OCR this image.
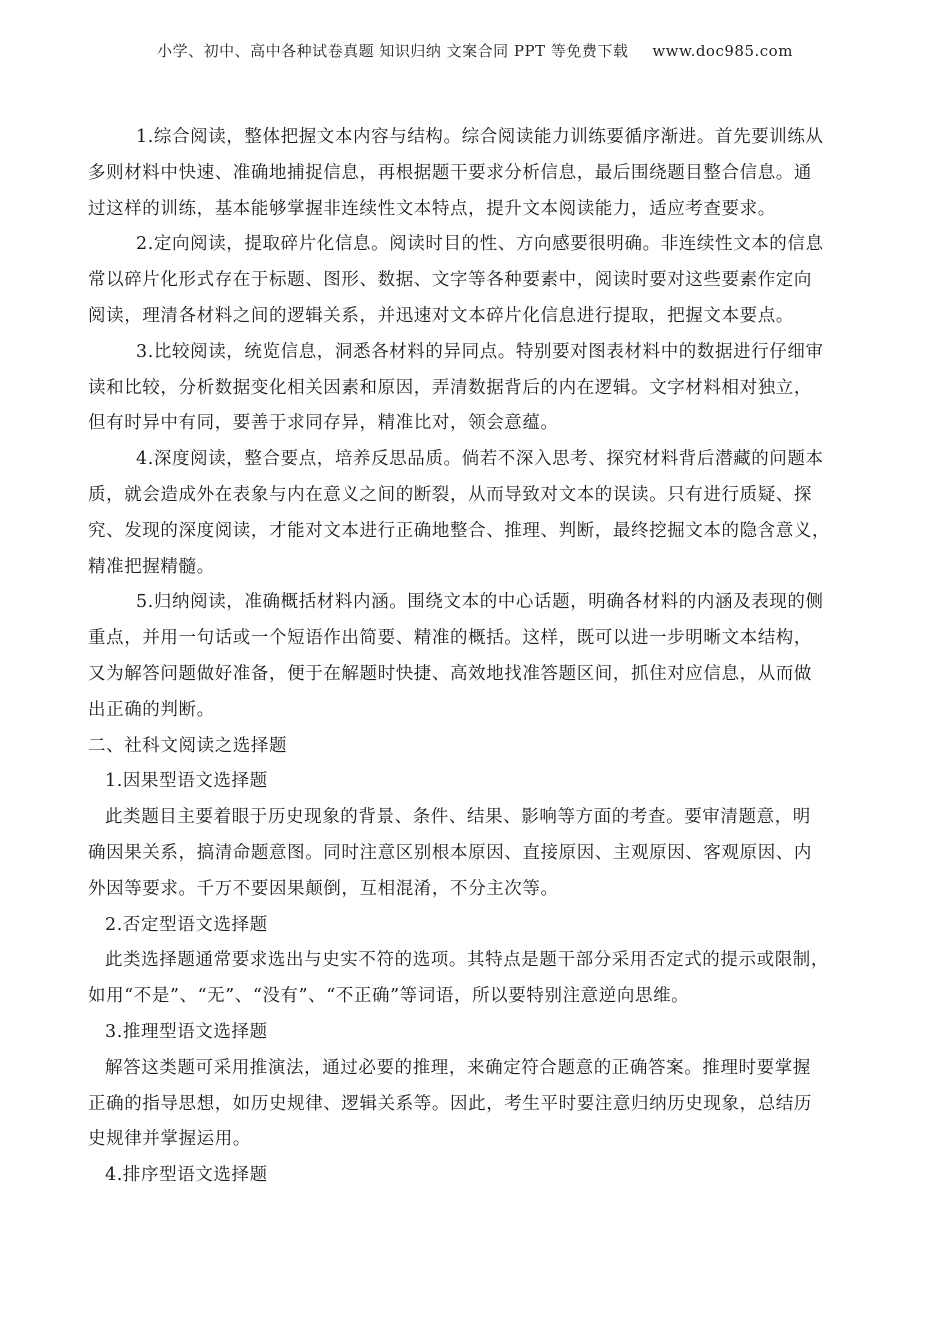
小学、初中、高中各种试卷真题 知识归纳 文案合同 PPT 等免费下载 www.doc985.com
1.综合阅读，整体把握文本内容与结构。综合阅读能力训练要循序渐进。首先要训练从
多则材料中快速、准确地捕捉信息，再根据题干要求分析信息，最后围绕题目整合信息。通
过这样的训练，基本能够掌握非连续性文本特点，提升文本阅读能力，适应考查要求。
2.定向阅读，提取碎片化信息。阅读时目的性、方向感要很明确。非连续性文本的信息
常以碎片化形式存在于标题、图形、数据、文字等各种要素中，阅读时要对这些要素作定向
阅读，理清各材料之间的逻辑关系，并迅速对文本碎片化信息进行提取，把握文本要点。
3.比较阅读，统览信息，洞悉各材料的异同点。特别要对图表材料中的数据进行仔细审
读和比较，分析数据变化相关因素和原因，弄清数据背后的内在逻辑。文字材料相对独立，
但有时异中有同，要善于求同存异，精准比对，领会意蕴。
4.深度阅读，整合要点，培养反思品质。倘若不深入思考、探究材料背后潜藏的问题本
质，就会造成外在表象与内在意义之间的断裂，从而导致对文本的误读。只有进行质疑、探
究、发现的深度阅读，才能对文本进行正确地整合、推理、判断，最终挖掘文本的隐含意义，
精准把握精髓。
5.归纳阅读，准确概括材料内涵。围绕文本的中心话题，明确各材料的内涵及表现的侧
重点，并用一句话或一个短语作出简要、精准的概括。这样，既可以进一步明晰文本结构，
又为解答问题做好准备，便于在解题时快捷、高效地找准答题区间，抓住对应信息，从而做
出正确的判断。
二、社科文阅读之选择题
1.因果型语文选择题
此类题目主要着眼于历史现象的背景、条件、结果、影响等方面的考查。要审清题意，明
确因果关系，搞清命题意图。同时注意区别根本原因、直接原因、主观原因、客观原因、内
外因等要求。千万不要因果颠倒，互相混淆，不分主次等。
2.否定型语文选择题
此类选择题通常要求选出与史实不符的选项。其特点是题干部分采用否定式的提示或限制，
如用“不是”、“无”、“没有”、“不正确”等词语，所以要特别注意逆向思维。
3.推理型语文选择题
解答这类题可采用推演法，通过必要的推理，来确定符合题意的正确答案。推理时要掌握
正确的指导思想，如历史规律、逻辑关系等。因此，考生平时要注意归纳历史现象，总结历
史规律并掌握运用。
4.排序型语文选择题
